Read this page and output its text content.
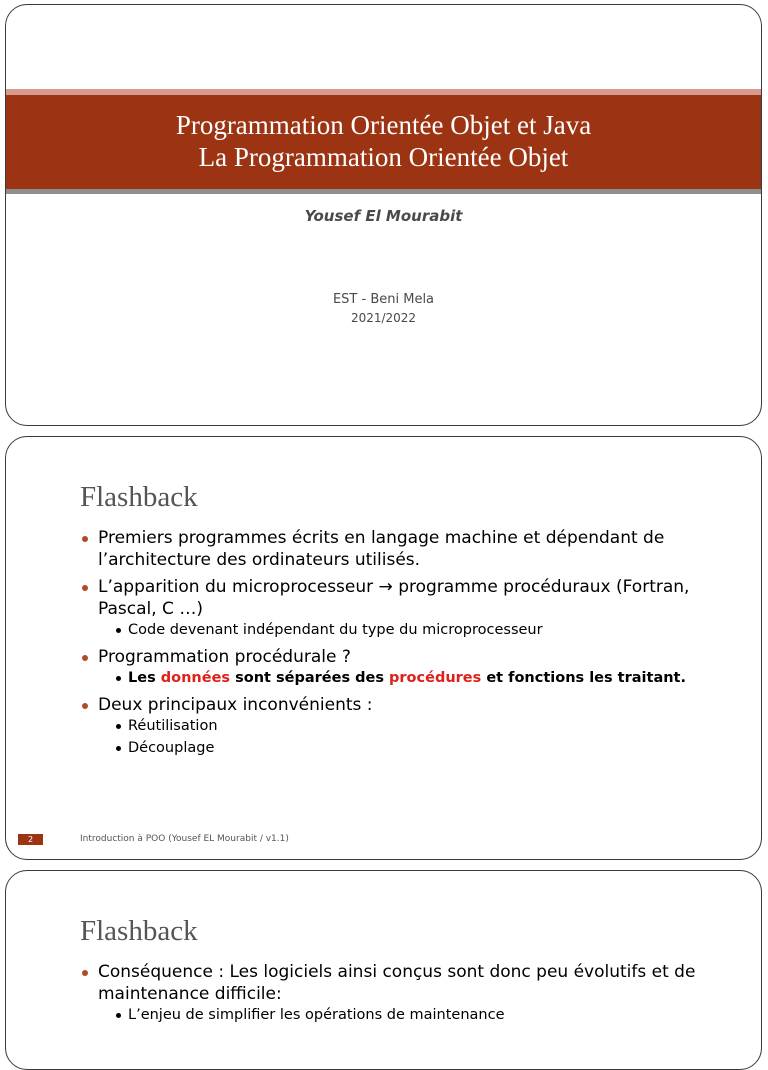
Programmation Orientée Objet et Java
La Programmation Orientée Objet
Yousef El Mourabit
EST - Beni Mela
2021/2022
Flashback
Premiers programmes écrits en langage machine et dépendant de l’architecture des ordinateurs utilisés.
L’apparition du microprocesseur → programme procéduraux (Fortran, Pascal, C …)
Code devenant indépendant du type du microprocesseur
Programmation procédurale ?
Les données sont séparées des procédures et fonctions les traitant.
Deux principaux inconvénients :
Réutilisation
Découplage
2	Introduction à POO (Yousef EL Mourabit / v1.1)
Flashback
Conséquence : Les logiciels ainsi conçus sont donc peu évolutifs et de maintenance difficile:
L’enjeu de simplifier les opérations de maintenance
